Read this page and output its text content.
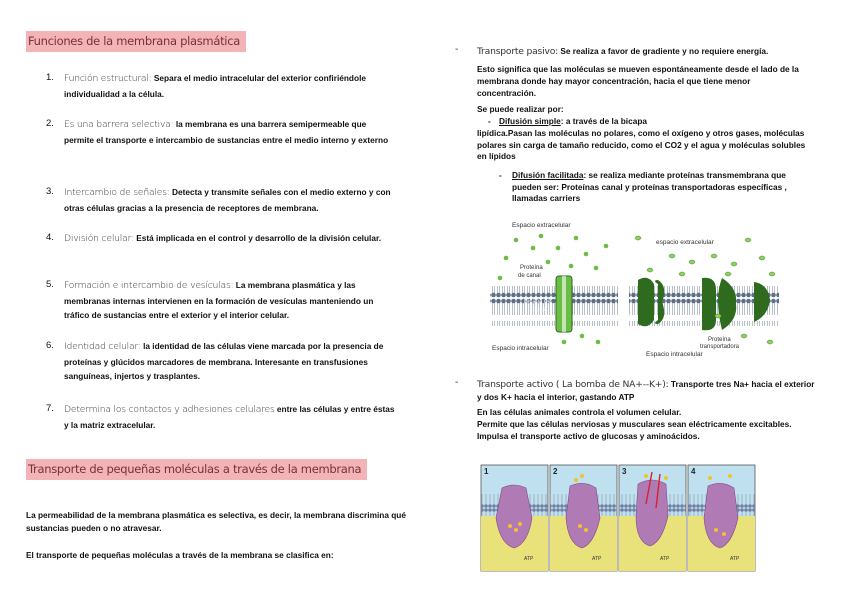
Funciones de la membrana plasmática
1. Función estructural: Separa el medio intracelular del exterior confiriéndole individualidad a la célula.
2. Es una barrera selectiva: la membrana es una barrera semipermeable que permite el transporte e intercambio de sustancias entre el medio interno y externo
3. Intercambio de señales: Detecta y transmite señales con el medio externo y con otras células gracias a la presencia de receptores de membrana.
4. División celular: Está implicada en el control y desarrollo de la división celular.
5. Formación e intercambio de vesículas: La membrana plasmática y las membranas internas intervienen en la formación de vesículas manteniendo un tráfico de sustancias entre el exterior y el interior celular.
6. Identidad celular: la identidad de las células viene marcada por la presencia de proteínas y glúcidos marcadores de membrana. Interesante en transfusiones sanguíneas, injertos y trasplantes.
7. Determina los contactos y adhesiones celulares entre las células y entre éstas y la matriz extracelular.
Transporte de pequeñas moléculas a través de la membrana
La permeabilidad de la membrana plasmática es selectiva, es decir, la membrana discrimina qué sustancias pueden o no atravesar.
El transporte de pequeñas moléculas a través de la membrana se clasifica en:
- Transporte pasivo: Se realiza a favor de gradiente y no requiere energía.
Esto significa que las moléculas se mueven espontáneamente desde el lado de la membrana donde hay mayor concentración, hacia el que tiene menor concentración.
Se puede realizar por:
- Difusión simple: a través de la bicapa
lipídica.Pasan las moléculas no polares, como el oxígeno y otros gases, moléculas polares sin carga de tamaño reducido, como el CO2 y el agua y moléculas solubles en lípidos
- Difusión facilitada: se realiza mediante proteínas transmembrana que pueden ser: Proteínas canal y proteínas transportadoras específicas , llamadas carriers
Espacio extracelular
Proteína
de canal
Bicapa de
lípidos
Espacio intracelular
espacio extracelular
Proteína
transportadora
Espacio intracelular
- Transporte activo ( La bomba de NA+--K+): Transporte tres Na+ hacia el exterior y dos K+ hacia el interior, gastando ATP
En las células animales controla el volumen celular.
Permite que las células nerviosas y musculares sean eléctricamente excitables.
Impulsa el transporte activo de glucosas y aminoácidos.
1
ATP
2
ATP
3
ATP
4
ATP
